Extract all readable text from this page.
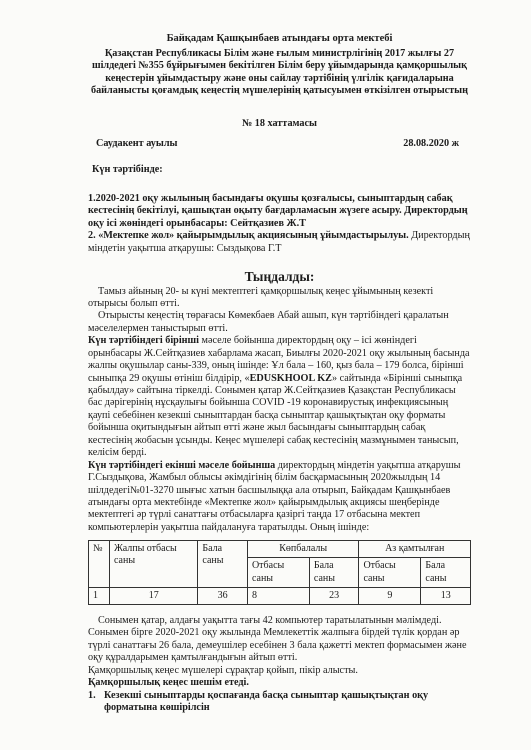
Байқадам Қашқынбаев атындағы орта мектебі
Қазақстан Республикасы Білім және ғылым министрлігінің 2017 жылғы 27 шілдедегі №355 бұйрығымен бекітілген Білім беру ұйымдарында қамқоршылық кеңестерін ұйымдастыру және оны сайлау тәртібінің үлгілік қағидаларына байланысты қоғамдық кеңестің мүшелерінің қатысуымен өткізілген отырыстың
№ 18 хаттамасы
Саудакент ауылы	28.08.2020 ж
Күн тәртібінде:

1.2020-2021 оқу жылының басындағы оқушы қозғалысы, сыныптардың сабақ кестесінің бекітілуі, қашықтан оқыту бағдарламасын жүзеге асыру. Директордың оқу ісі жөніндегі орынбасары: Сейтқазиев Ж.Т

2. «Мектепке жол» қайырымдылық акциясының ұйымдастырылуы. Директордың міндетін уақытша атқарушы: Сыздықова Г.Т

Тыңдалды:

Тамыз айының 20- ы күні мектептегі қамқоршылық кеңес ұйымының кезекті отырысы болып өтті.

Отырысты кеңестің төрағасы Көмекбаев Абай ашып, күн тәртібіндегі қаралатын мәселелермен таныстырып өтті.

Күн тәртібіндегі бірінші мәселе бойынша директордың оқу – ісі жөніндегі орынбасары Ж.Сейтқазиев хабарлама жасап, Биылғы 2020-2021 оқу жылының басында жалпы оқушылар саны-339, оның ішінде: Ұл бала – 160, қыз бала – 179 болса, бірінші сыныпқа 29 оқушы өтініш білдірip, «EDUSKHOOL KZ» сайтында «Бірінші сыныпқа қабылдау» сайтына тіркелді. Сонымен қатар Ж.Сейтқазиев Қазақстан Республикасы бас дәрігерінің нұсқаулығы бойынша COVID -19 коронавирустық инфекциясының қаупі себебінен кезекші сыныптардан басқа сыныптар қашықтықтан оқу форматы бойынша оқитындығын айтып өтті және жыл басындағы сыныптардың сабақ кестесінің жобасын ұсынды. Кеңес мүшелері сабақ кестесінің мазмұнымен танысып, келісім берді.

Күн тәртібіндегі екінші мәселе бойынша директордың міндетін уақытша атқарушы Г.Сыздықова, Жамбыл облысы әкімдігінің білім басқармасының 2020жылдың 14 шілдедегі№01-3270 шығыс хатын басшылыққа ала отырып, Байқадам Қашқынбаев атындағы орта мектебінде «Мектепке жол» қайырымдылық акциясы шеңберінде мектептегі әр түрлі санаттағы отбасыларға қазіргі таңда 17 отбасына мектеп компьютерлерін уақытша пайдалануға таратылды. Оның ішінде:

№	Жалпы отбасы саны	Бала саны	Көпбалалы		Аз қамтылған	
			Отбасы саны	Бала саны	Отбасы саны	Бала саны
1	17	36	8	23	9	13

Сонымен қатар, алдағы уақытта тағы 42 компьютер таратылатынын мәлімдеді. Сонымен бірге 2020-2021 оқу жылында Мемлекеттік жалпыға бірдей түлік қордан әр түрлі санаттағы 26 бала, демеушілер есебінен 3 бала қажетті мектеп формасымен және оқу құралдарымен қамтылғандығын айтып өтті.

Қамқоршылық кеңес мүшелері сұрақтар қойып, пікір алысты.

Қамқоршылық кеңес шешім етеді.

1. Кезекші сыныптарды қоспағанда басқа сыныптар қашықтықтан оқу форматына көшірілсін
